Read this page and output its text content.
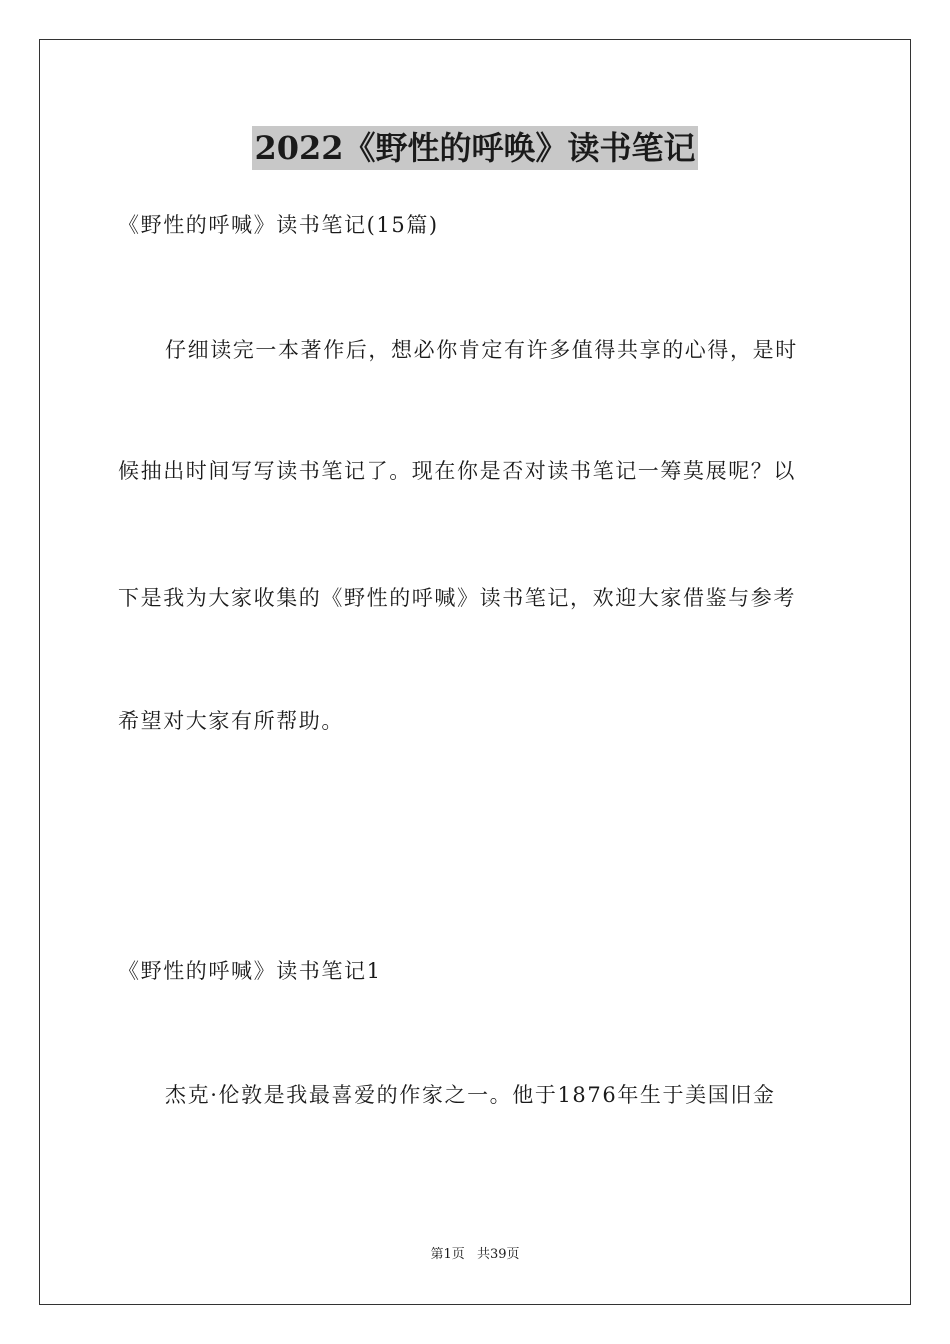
2022《野性的呼唤》读书笔记
《野性的呼喊》读书笔记(15篇)
仔细读完一本著作后，想必你肯定有许多值得共享的心得，是时
候抽出时间写写读书笔记了。现在你是否对读书笔记一筹莫展呢？以
下是我为大家收集的《野性的呼喊》读书笔记，欢迎大家借鉴与参考
希望对大家有所帮助。
《野性的呼喊》读书笔记1
杰克·伦敦是我最喜爱的作家之一。他于1876年生于美国旧金
第1页 共39页
